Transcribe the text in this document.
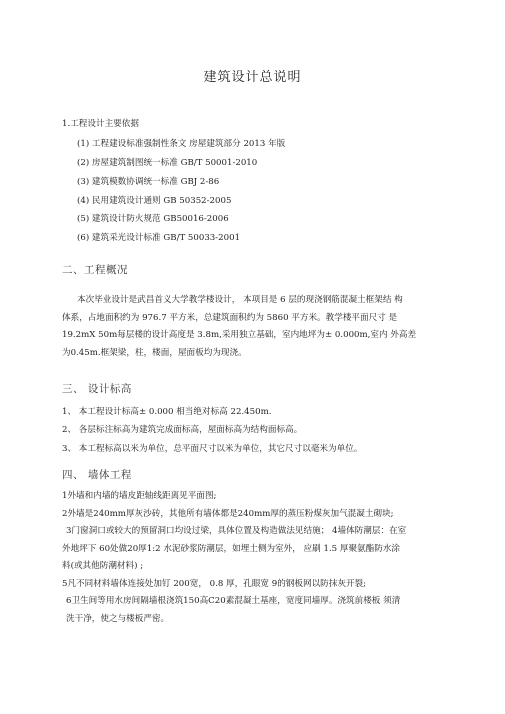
建筑设计总说明
1.工程设计主要依据
(1) 工程建设标准强制性条文 房屋建筑部分 2013 年版
(2) 房屋建筑制图统一标准 GB/T 50001-2010
(3) 建筑模数协调统一标准 GBJ 2-86
(4) 民用建筑设计通则 GB 50352-2005
(5) 建筑设计防火规范 GB50016-2006
(6) 建筑采光设计标准 GB/T 50033-2001
二、工程概况
本次毕业设计是武昌首义大学教学楼设计， 本项目是 6 层的现浇钢筋混凝土框架结 构
体系，占地面积约为 976.7 平方米，总建筑面积约为 5860 平方米。教学楼平面尺寸 是
19.2mX 50m每层楼的设计高度是 3.8m,采用独立基础，室内地坪为± 0.000m,室内 外高差
为0.45m.框架梁，柱，楼面，屋面板均为现浇。
三、 设计标高
1、 本工程设计标高± 0.000 相当绝对标高 22.450m.
2、 各层标注标高为建筑完成面标高，屋面标高为结构面标高。
3、 本工程标高以米为单位，总平面尺寸以米为单位，其它尺寸以毫米为单位。
四、 墙体工程
1外墙和内墙的墙皮距轴线距离见平面图;
2外墙是240mm厚灰沙砖，其他所有墙体都是240mm厚的蒸压粉煤灰加气混凝土砌块;
3门窗洞口或较大的预留洞口均设过梁，具体位置及构造做法见结施； 4墙体防潮层：在室
外地坪下 60处做20厚1:2 水泥砂浆防潮层，如埋土侧为室外， 应刷 1.5 厚聚氨酯防水涂
料(或其他防潮材料) ;
5凡不同材料墙体连接处加钉 200宽， 0.8 厚，孔眼宽 9的钢板网以防抹灰开裂;
6卫生间等用水房间隔墙根浇筑150高C20素混凝土基座，宽度同墙厚。浇筑前楼板 须清
洗干净，使之与楼板严密。
